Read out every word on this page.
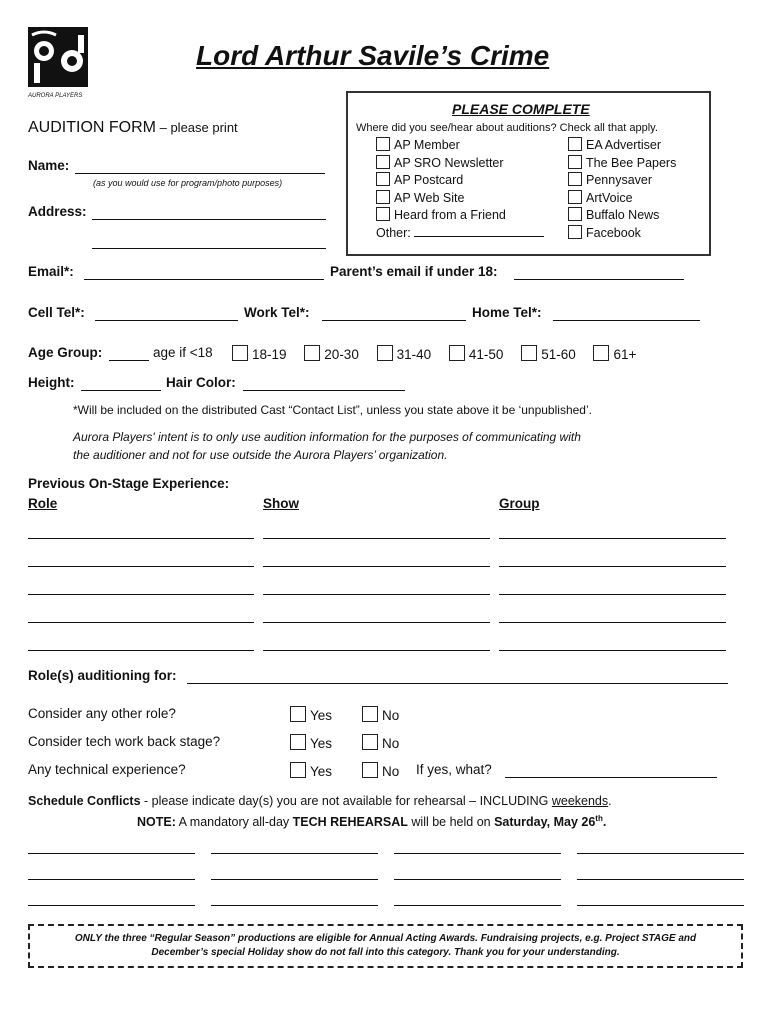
AURORA PLAYERS
Lord Arthur Savile’s Crime
PLEASE COMPLETE
Where did you see/hear about auditions? Check all that apply.
AP Member
AP SRO Newsletter
AP Postcard
AP Web Site
Heard from a Friend
Other:
EA Advertiser
The Bee Papers
Pennysaver
ArtVoice
Buffalo News
Facebook
AUDITION FORM – please print
Name:
(as you would use for program/photo purposes)
Address:
Email*:	Parent’s email if under 18:
Cell Tel*:	Work Tel*:	Home Tel*:
Age Group:	age if <18	18-19	20-30	31-40	41-50	51-60	61+
Height:	Hair Color:
*Will be included on the distributed Cast “Contact List”, unless you state above it be ‘unpublished’.
Aurora Players' intent is to only use audition information for the purposes of communicating with
the auditioner and not for use outside the Aurora Players’ organization.
Previous On-Stage Experience:
Role	Show	Group
Role(s) auditioning for:
Consider any other role?	Yes	No
Consider tech work back stage?	Yes	No
Any technical experience?	Yes	No If yes, what?
Schedule Conflicts - please indicate day(s) you are not available for rehearsal – INCLUDING weekends.
NOTE: A mandatory all-day TECH REHEARSAL will be held on Saturday, May 26th.
ONLY the three “Regular Season” productions are eligible for Annual Acting Awards. Fundraising projects, e.g. Project STAGE and
December’s special Holiday show do not fall into this category. Thank you for your understanding.
